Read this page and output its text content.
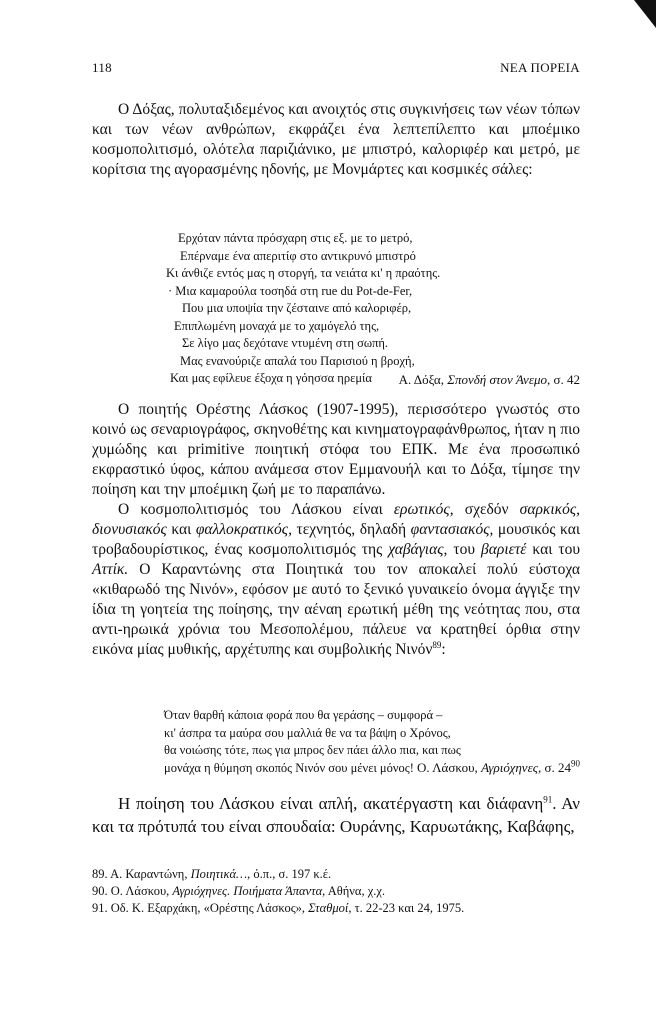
118	ΝΕΑ ΠΟΡΕΙΑ

Ο Δόξας, πολυταξιδεμένος και ανοιχτός στις συγκινήσεις των νέων τόπων και των νέων ανθρώπων, εκφράζει ένα λεπτεπίλεπτο και μποέμικο κοσμοπολιτισμό, ολότελα παριζιάνικο, με μπιστρό, καλοριφέρ και μετρό, με κορίτσια της αγορασμένης ηδονής, με Μονμάρτες και κοσμικές σάλες:

Ερχόταν πάντα πρόσχαρη στις εξ. με το μετρό,
Επέρναμε ένα απεριτίφ στο αντικρυνό μπιστρό
Κι άνθιζε εντός μας η στοργή, τα νειάτα κι' η πραότης.
· Μια καμαρούλα τοσηδά στη rue du Pot-de-Fer,
Που μια υποψία την ζέσταινε από καλοριφέρ,
Επιπλωμένη μοναχά με το χαμόγελό της,
Σε λίγο μας δεχότανε ντυμένη στη σωπή.
Μας ενανούριζε απαλά του Παρισιού η βροχή,
Και μας εφίλευε έξοχα η γόησσα ηρεμία	Α. Δόξα, Σπονδή στον Άνεμο, σ. 42

Ο ποιητής Ορέστης Λάσκος (1907-1995), περισσότερο γνωστός στο κοινό ως σεναριογράφος, σκηνοθέτης και κινηματογραφάνθρωπος, ήταν η πιο χυμώδης και primitive ποιητική στόφα του ΕΠΚ. Με ένα προσωπικό εκφραστικό ύφος, κάπου ανάμεσα στον Εμμανουήλ και το Δόξα, τίμησε την ποίηση και την μποέμικη ζωή με το παραπάνω.

Ο κοσμοπολιτισμός του Λάσκου είναι ερωτικός, σχεδόν σαρκικός, διονυσιακός και φαλλοκρατικός, τεχνητός, δηλαδή φαντασιακός, μουσικός και τροβαδουρίστικος, ένας κοσμοπολιτισμός της χαβάγιας, του βαριετέ και του Αττίκ. Ο Καραντώνης στα Ποιητικά του τον αποκαλεί πολύ εύστοχα «κιθαρωδό της Νινόν», εφόσον με αυτό το ξενικό γυναικείο όνομα άγγιξε την ίδια τη γοητεία της ποίησης, την αέναη ερωτική μέθη της νεότητας που, στα αντι-ηρωικά χρόνια του Μεσοπολέμου, πάλευε να κρατηθεί όρθια στην εικόνα μίας μυθικής, αρχέτυπης και συμβολικής Νινόν$^{89}$:

Όταν θαρθή κάποια φορά που θα γεράσης – συμφορά –
κι' άσπρα τα μαύρα σου μαλλιά θε να τα βάψη ο Χρόνος,
θα νοιώσης τότε, πως για μπρος δεν πάει άλλο πια, και πως
μονάχα η θύμηση σκοπός Νινόν σου μένει μόνος! Ο. Λάσκου, Αγριόχηνες, σ. $24^{90}$

Η ποίηση του Λάσκου είναι απλή, ακατέργαστη και διάφανη$^{91}$. Αν και τα πρότυπά του είναι σπουδαία: Ουράνης, Καρυωτάκης, Καβάφης,

89. Α. Καραντώνη, Ποιητικά…, ό.π., σ. 197 κ.έ.
90. Ο. Λάσκου, Αγριόχηνες. Ποιήματα Άπαντα, Αθήνα, χ.χ.
91. Οδ. Κ. Εξαρχάκη, «Ορέστης Λάσκος», Σταθμοί, τ. 22-23 και 24, 1975.
